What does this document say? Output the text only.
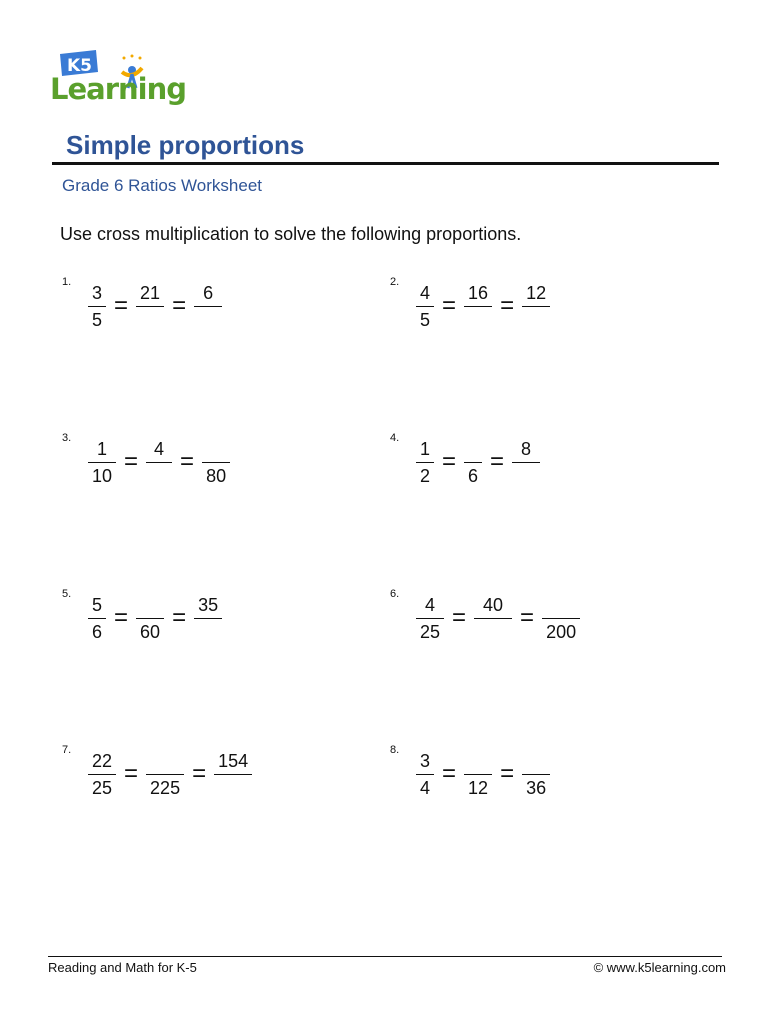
K5
Learning
Simple proportions
Grade 6 Ratios Worksheet
Use cross multiplication to solve the following proportions.
1. $\frac{3}{5} = 21 = 6$
2. $\frac{4}{5} = 16 = 12$
3. $\frac{1}{10} = 4$ =
80
4. $\frac{1}{2}$ =
6
= 8
5. $\frac{5}{6}$ =
60
= 35
6. $\frac{4}{25} = 40$ =
200
7. $\frac{22}{25}$ =
225
= 154
8. $\frac{3}{4}$ =
12
=
36
Reading and Math for K-5	© www.k5learning.com
